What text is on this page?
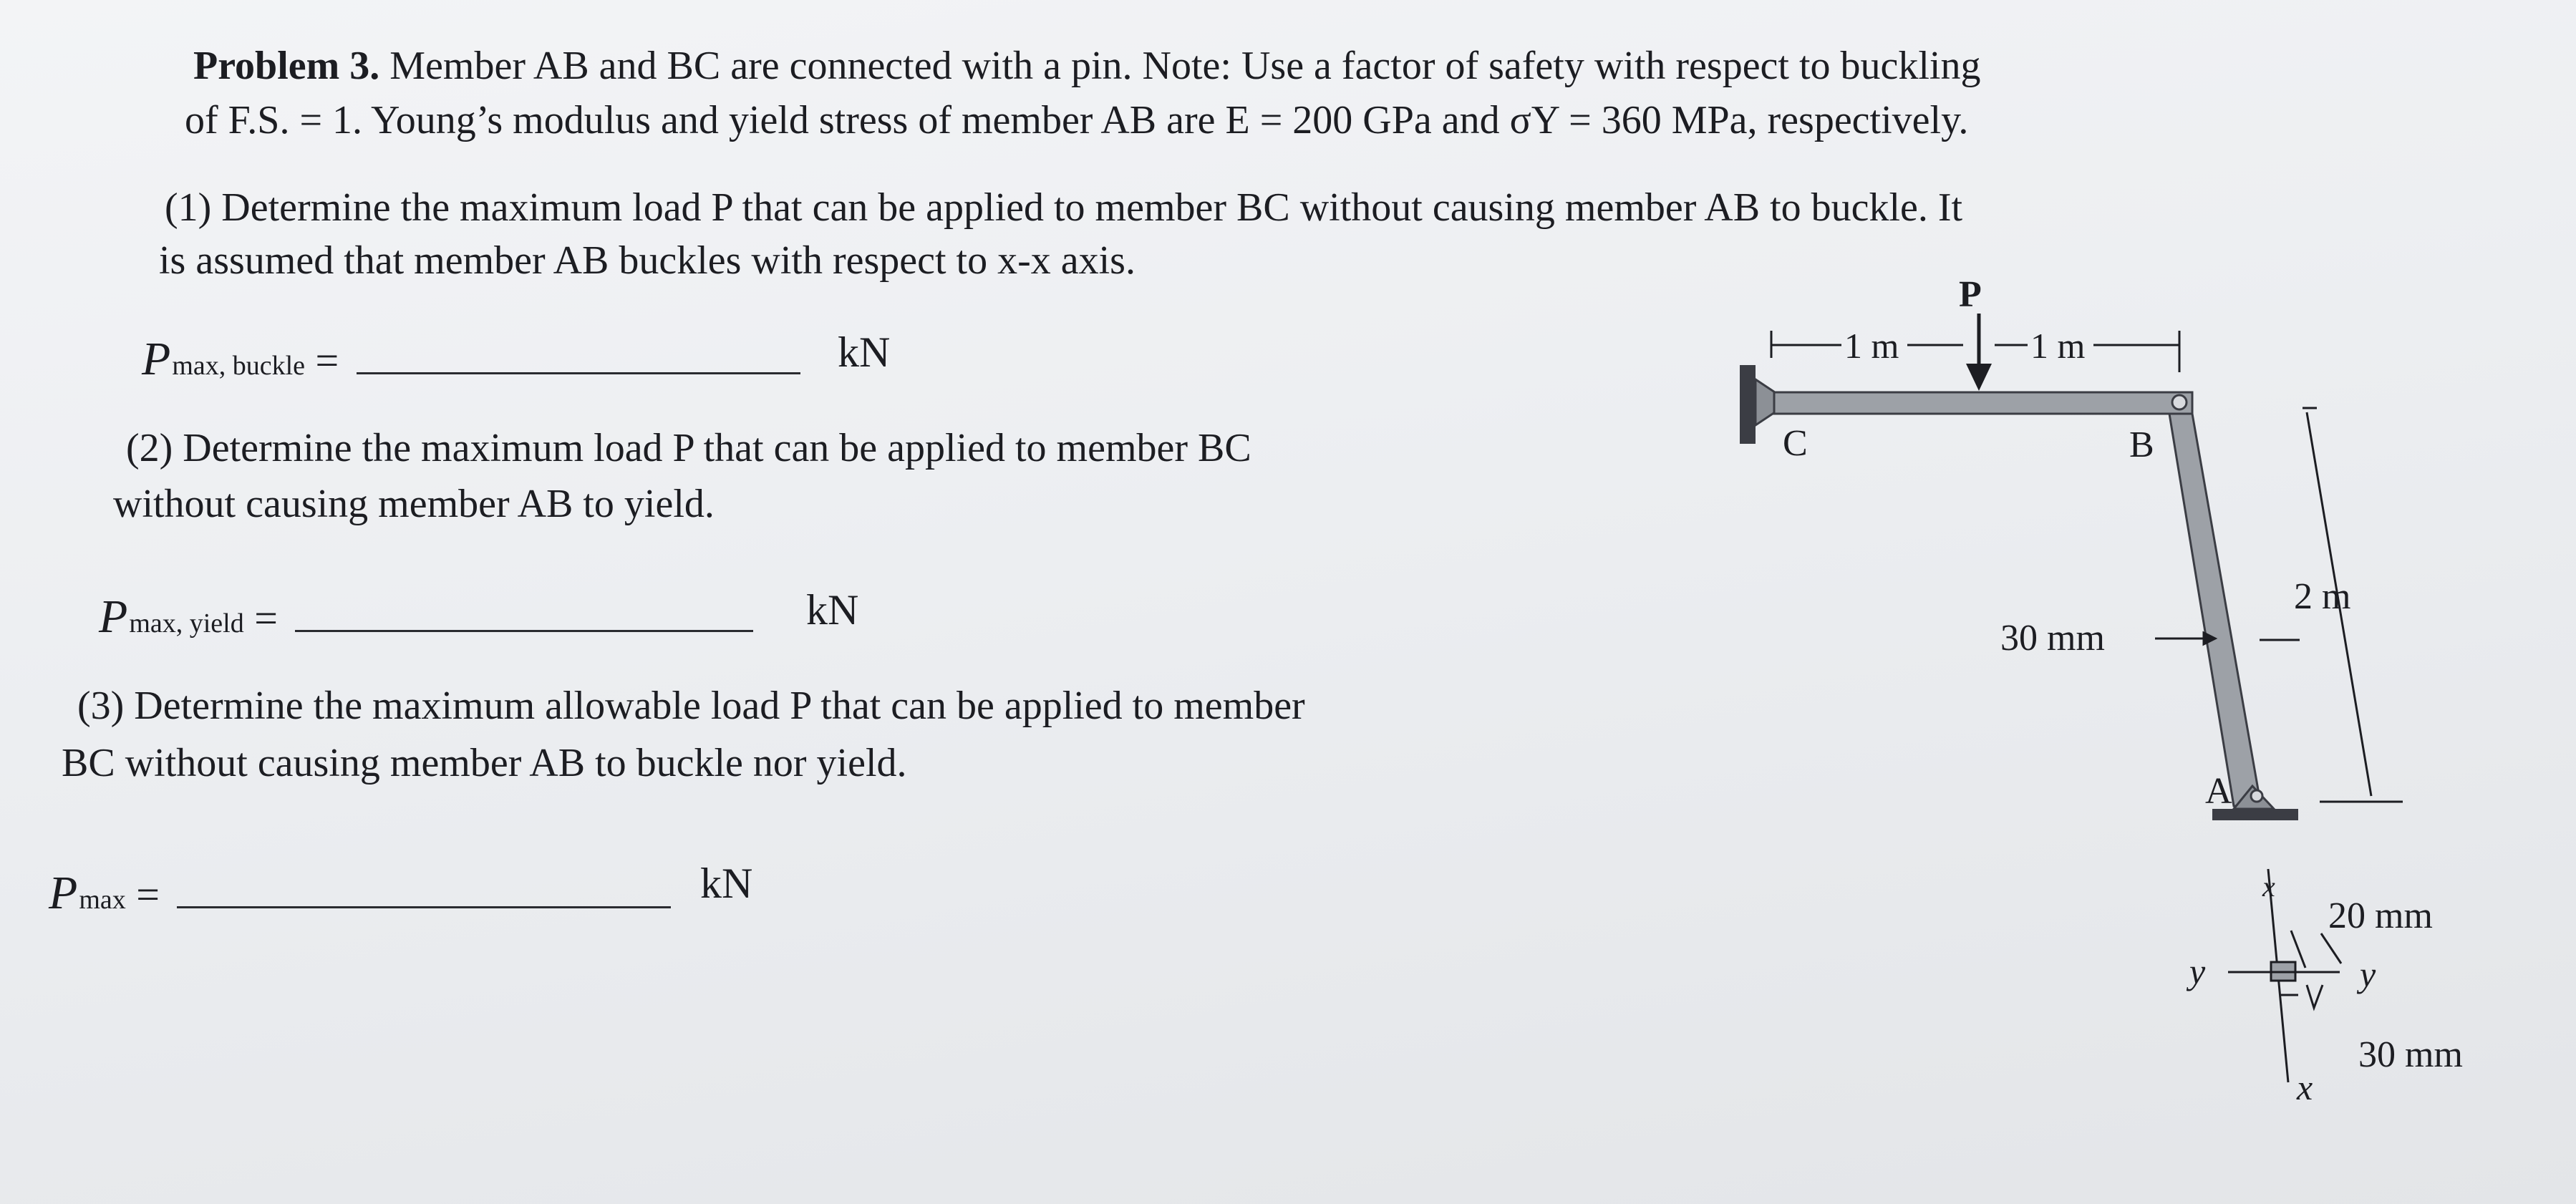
Problem 3. Member AB and BC are connected with a pin. Note: Use a factor of safety with respect to buckling
of F.S. = 1. Young’s modulus and yield stress of member AB are E = 200 GPa and σY = 360 MPa, respectively.
(1) Determine the maximum load P that can be applied to member BC without causing member AB to buckle. It
is assumed that member AB buckles with respect to x-x axis.
Pmax, buckle =	kN
(2) Determine the maximum load P that can be applied to member BC
without causing member AB to yield.
Pmax, yield =	kN
(3) Determine the maximum allowable load P that can be applied to member
BC without causing member AB to buckle nor yield.
Pmax =	kN
P
1 m	1 m
C	B
2 m
30 mm
A
x
x
y	y
20 mm
30 mm
